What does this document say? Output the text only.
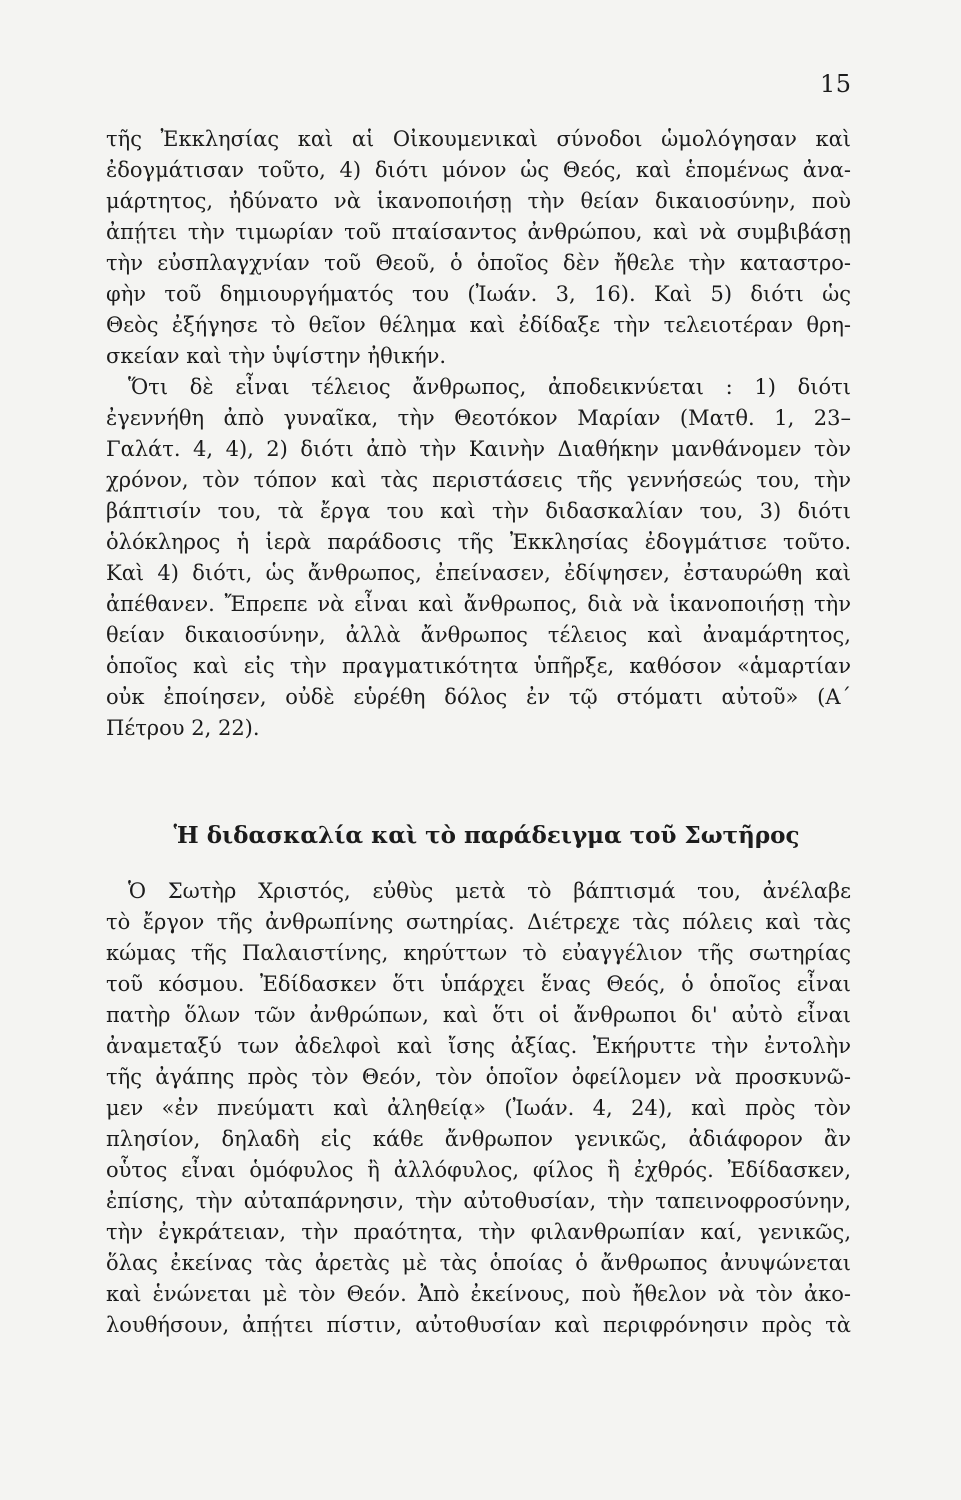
15
τῆς Ἐκκλησίας καὶ αἱ Οἰκουμενικαὶ σύνοδοι ὡμολόγησαν καὶ
ἐδογμάτισαν τοῦτο, 4) διότι μόνον ὡς Θεός, καὶ ἑπομένως ἀνα-
μάρτητος, ἠδύνατο νὰ ἱκανοποιήσῃ τὴν θείαν δικαιοσύνην, ποὺ
ἀπῄτει τὴν τιμωρίαν τοῦ πταίσαντος ἀνθρώπου, καὶ νὰ συμβιβάσῃ
τὴν εὐσπλαγχνίαν τοῦ Θεοῦ, ὁ ὁποῖος δὲν ἤθελε τὴν καταστρο-
φὴν τοῦ δημιουργήματός του (Ἰωάν. 3, 16). Καὶ 5) διότι ὡς
Θεὸς ἐξήγησε τὸ θεῖον θέλημα καὶ ἐδίδαξε τὴν τελειοτέραν θρη-
σκείαν καὶ τὴν ὑψίστην ἠθικήν.
Ὅτι δὲ εἶναι τέλειος ἄνθρωπος, ἀποδεικνύεται : 1) διότι
ἐγεννήθη ἀπὸ γυναῖκα, τὴν Θεοτόκον Μαρίαν (Ματθ. 1, 23–
Γαλάτ. 4, 4), 2) διότι ἀπὸ τὴν Καινὴν Διαθήκην μανθάνομεν τὸν
χρόνον, τὸν τόπον καὶ τὰς περιστάσεις τῆς γεννήσεώς του, τὴν
βάπτισίν του, τὰ ἔργα του καὶ τὴν διδασκαλίαν του, 3) διότι
ὁλόκληρος ἡ ἱερὰ παράδοσις τῆς Ἐκκλησίας ἐδογμάτισε τοῦτο.
Καὶ 4) διότι, ὡς ἄνθρωπος, ἐπείνασεν, ἐδίψησεν, ἐσταυρώθη καὶ
ἀπέθανεν. Ἔπρεπε νὰ εἶναι καὶ ἄνθρωπος, διὰ νὰ ἱκανοποιήσῃ τὴν
θείαν δικαιοσύνην, ἀλλὰ ἄνθρωπος τέλειος καὶ ἀναμάρτητος,
ὁποῖος καὶ εἰς τὴν πραγματικότητα ὑπῆρξε, καθόσον «ἁμαρτίαν
οὐκ ἐποίησεν, οὐδὲ εὑρέθη δόλος ἐν τῷ στόματι αὐτοῦ» (Α΄
Πέτρου 2, 22).
Ἡ διδασκαλία καὶ τὸ παράδειγμα τοῦ Σωτῆρος
Ὁ Σωτὴρ Χριστός, εὐθὺς μετὰ τὸ βάπτισμά του, ἀνέλαβε
τὸ ἔργον τῆς ἀνθρωπίνης σωτηρίας. Διέτρεχε τὰς πόλεις καὶ τὰς
κώμας τῆς Παλαιστίνης, κηρύττων τὸ εὐαγγέλιον τῆς σωτηρίας
τοῦ κόσμου. Ἐδίδασκεν ὅτι ὑπάρχει ἕνας Θεός, ὁ ὁποῖος εἶναι
πατὴρ ὅλων τῶν ἀνθρώπων, καὶ ὅτι οἱ ἄνθρωποι δι' αὐτὸ εἶναι
ἀναμεταξύ των ἀδελφοὶ καὶ ἴσης ἀξίας. Ἐκήρυττε τὴν ἐντολὴν
τῆς ἀγάπης πρὸς τὸν Θεόν, τὸν ὁποῖον ὀφείλομεν νὰ προσκυνῶ-
μεν «ἐν πνεύματι καὶ ἀληθείᾳ» (Ἰωάν. 4, 24), καὶ πρὸς τὸν
πλησίον, δηλαδὴ εἰς κάθε ἄνθρωπον γενικῶς, ἀδιάφορον ἂν
οὗτος εἶναι ὁμόφυλος ἢ ἀλλόφυλος, φίλος ἢ ἐχθρός. Ἐδίδασκεν,
ἐπίσης, τὴν αὐταπάρνησιν, τὴν αὐτοθυσίαν, τὴν ταπεινοφροσύνην,
τὴν ἐγκράτειαν, τὴν πραότητα, τὴν φιλανθρωπίαν καί, γενικῶς,
ὅλας ἐκείνας τὰς ἀρετὰς μὲ τὰς ὁποίας ὁ ἄνθρωπος ἀνυψώνεται
καὶ ἑνώνεται μὲ τὸν Θεόν. Ἀπὸ ἐκείνους, ποὺ ἤθελον νὰ τὸν ἀκο-
λουθήσουν, ἀπῄτει πίστιν, αὐτοθυσίαν καὶ περιφρόνησιν πρὸς τὰ
